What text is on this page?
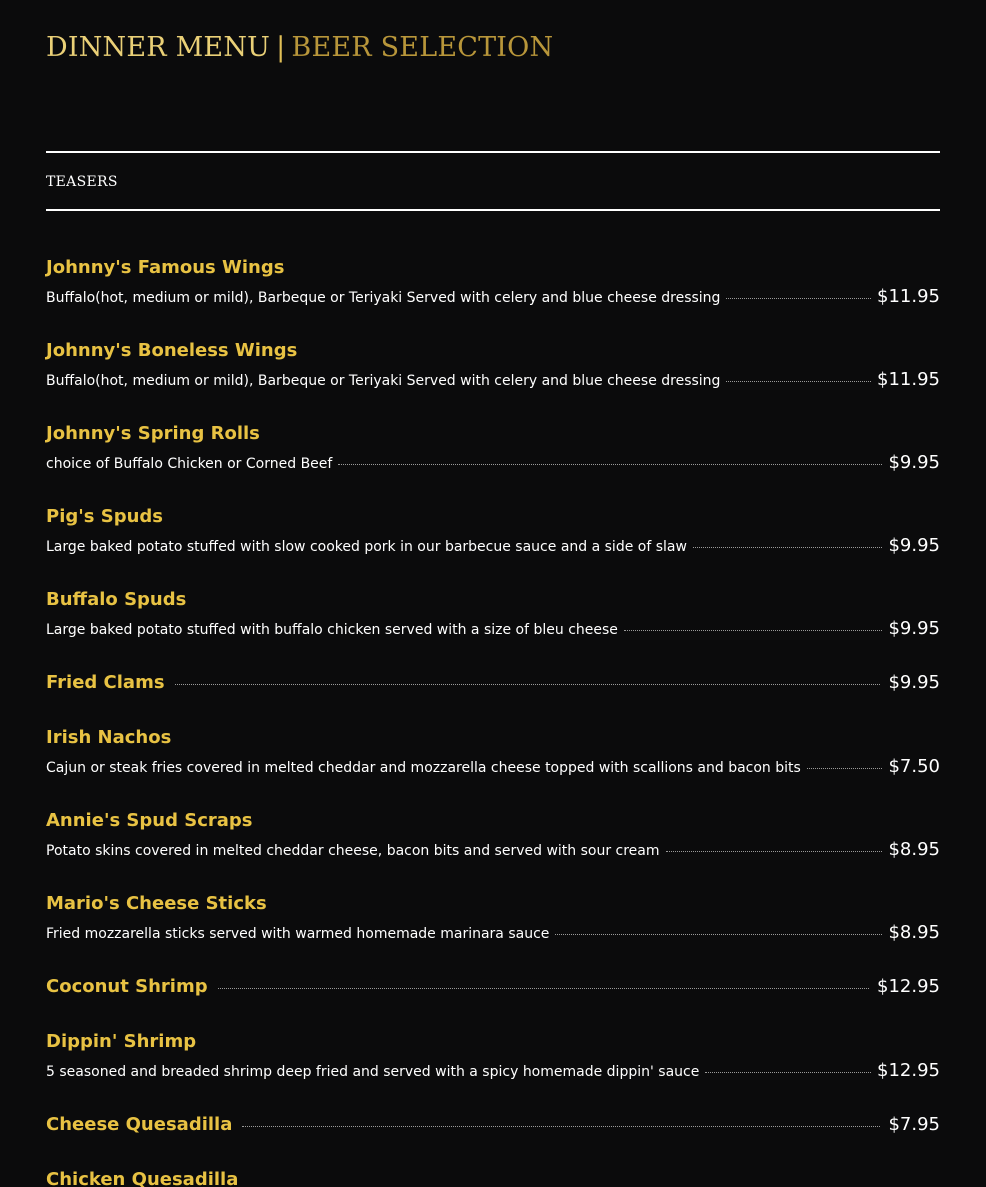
DINNER MENU | BEER SELECTION
TEASERS
Johnny's Famous Wings
Buffalo(hot, medium or mild), Barbeque or Teriyaki Served with celery and blue cheese dressing	$11.95
Johnny's Boneless Wings
Buffalo(hot, medium or mild), Barbeque or Teriyaki Served with celery and blue cheese dressing	$11.95
Johnny's Spring Rolls
choice of Buffalo Chicken or Corned Beef	$9.95
Pig's Spuds
Large baked potato stuffed with slow cooked pork in our barbecue sauce and a side of slaw	$9.95
Buffalo Spuds
Large baked potato stuffed with buffalo chicken served with a size of bleu cheese	$9.95
Fried Clams	$9.95
Irish Nachos
Cajun or steak fries covered in melted cheddar and mozzarella cheese topped with scallions and bacon bits	$7.50
Annie's Spud Scraps
Potato skins covered in melted cheddar cheese, bacon bits and served with sour cream	$8.95
Mario's Cheese Sticks
Fried mozzarella sticks served with warmed homemade marinara sauce	$8.95
Coconut Shrimp	$12.95
Dippin' Shrimp
5 seasoned and breaded shrimp deep fried and served with a spicy homemade dippin' sauce	$12.95
Cheese Quesadilla	$7.95
Chicken Quesadilla
